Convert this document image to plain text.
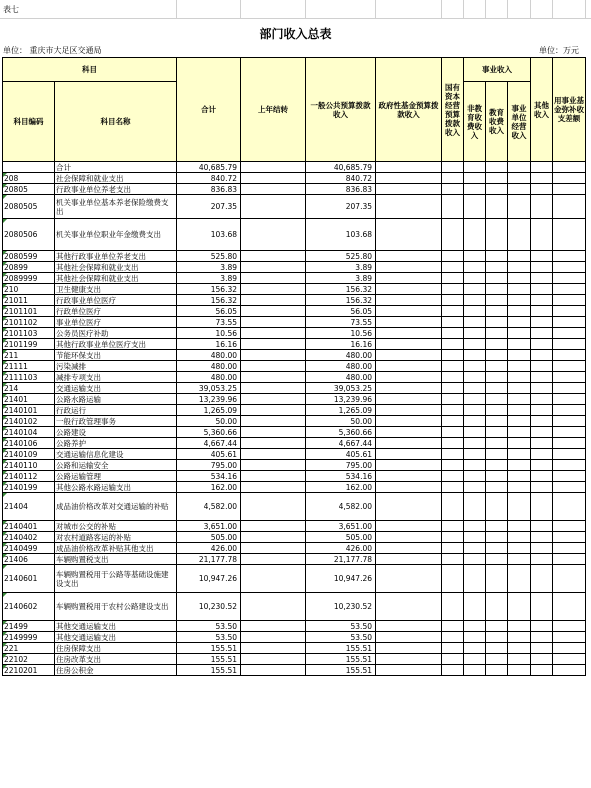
表七
部门收入总表
单位： 重庆市大足区交通局	单位：万元
科目		合计	上年结转	一般公共预算拨款收入	政府性基金预算拨款收入	国有资本经营预算拨款收入	事业收入			其他收入	用事业基金弥补收支差额
科目编码	科目名称						非教育收费收入	教育收费收入	事业单位经营收入		

	合计	40,685.79		40,685.79							

208	社会保障和就业支出	840.72		840.72							

20805	行政事业单位养老支出	836.83		836.83							

2080505	机关事业单位基本养老保险缴费支出	207.35		207.35							

2080506	机关事业单位职业年金缴费支出	103.68		103.68							

2080599	其他行政事业单位养老支出	525.80		525.80							

20899	其他社会保障和就业支出	3.89		3.89							

2089999	其他社会保障和就业支出	3.89		3.89							

210	卫生健康支出	156.32		156.32							

21011	行政事业单位医疗	156.32		156.32							

2101101	行政单位医疗	56.05		56.05							

2101102	事业单位医疗	73.55		73.55							

2101103	公务员医疗补助	10.56		10.56							

2101199	其他行政事业单位医疗支出	16.16		16.16							

211	节能环保支出	480.00		480.00							

21111	污染减排	480.00		480.00							

2111103	减排专项支出	480.00		480.00							

214	交通运输支出	39,053.25		39,053.25							

21401	公路水路运输	13,239.96		13,239.96							

2140101	行政运行	1,265.09		1,265.09							

2140102	一般行政管理事务	50.00		50.00							

2140104	公路建设	5,360.66		5,360.66							

2140106	公路养护	4,667.44		4,667.44							

2140109	交通运输信息化建设	405.61		405.61							

2140110	公路和运输安全	795.00		795.00							

2140112	公路运输管理	534.16		534.16							

2140199	其他公路水路运输支出	162.00		162.00							

21404	成品油价格改革对交通运输的补贴	4,582.00		4,582.00							

2140401	对城市公交的补贴	3,651.00		3,651.00							

2140402	对农村道路客运的补贴	505.00		505.00							

2140499	成品油价格改革补贴其他支出	426.00		426.00							

21406	车辆购置税支出	21,177.78		21,177.78							

2140601	车辆购置税用于公路等基础设施建设支出	10,947.26		10,947.26							

2140602	车辆购置税用于农村公路建设支出	10,230.52		10,230.52							

21499	其他交通运输支出	53.50		53.50							

2149999	其他交通运输支出	53.50		53.50							

221	住房保障支出	155.51		155.51							

22102	住房改革支出	155.51		155.51							

2210201	住房公积金	155.51		155.51							
